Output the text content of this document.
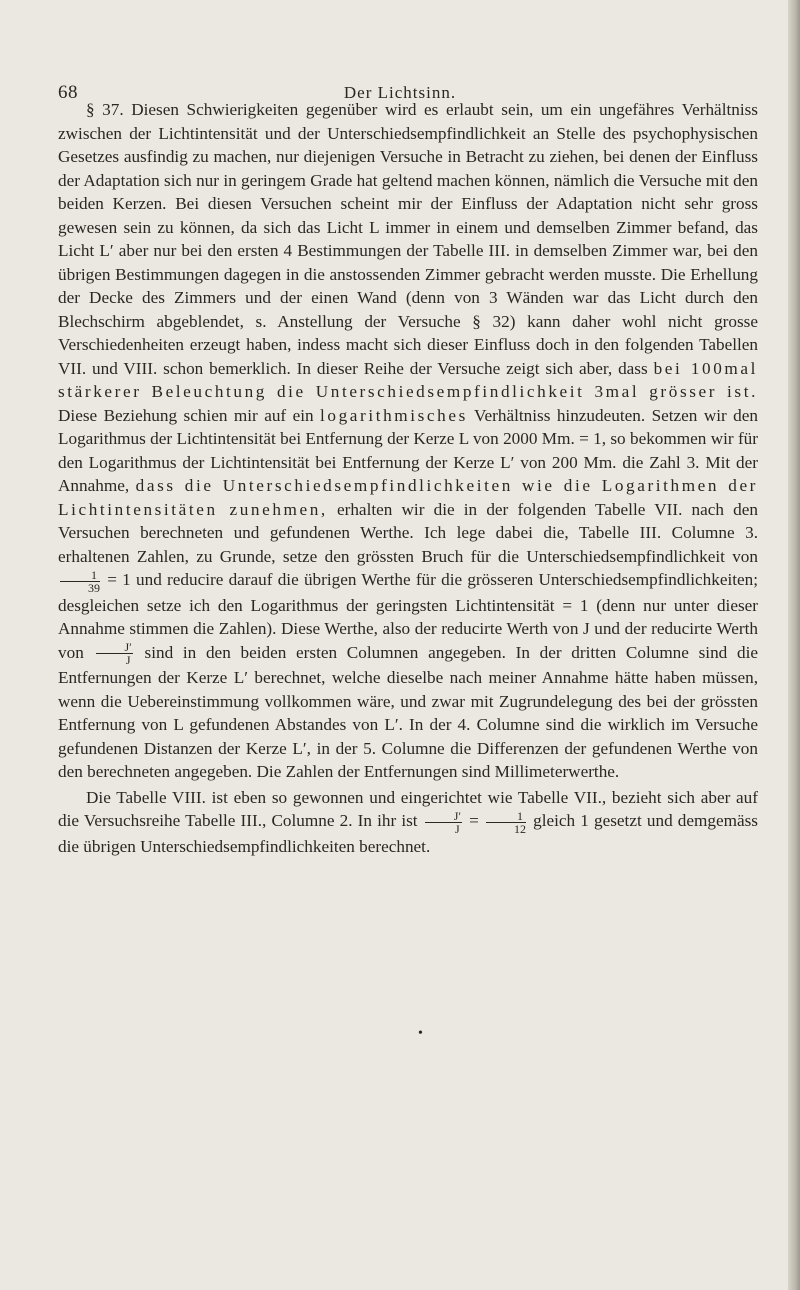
68	Der Lichtsinn.

§ 37. Diesen Schwierigkeiten gegenüber wird es erlaubt sein, um ein ungefähres Verhältniss zwischen der Lichtintensität und der Unterschiedsempfindlichkeit an Stelle des psychophysischen Gesetzes ausfindig zu machen, nur diejenigen Versuche in Betracht zu ziehen, bei denen der Einfluss der Adaptation sich nur in geringem Grade hat geltend machen können, nämlich die Versuche mit den beiden Kerzen. Bei diesen Versuchen scheint mir der Einfluss der Adaptation nicht sehr gross gewesen sein zu können, da sich das Licht L immer in einem und demselben Zimmer befand, das Licht L′ aber nur bei den ersten 4 Bestimmungen der Tabelle III. in demselben Zimmer war, bei den übrigen Bestimmungen dagegen in die anstossenden Zimmer gebracht werden musste. Die Erhellung der Decke des Zimmers und der einen Wand (denn von 3 Wänden war das Licht durch den Blechschirm abgeblendet, s. Anstellung der Versuche § 32) kann daher wohl nicht grosse Verschiedenheiten erzeugt haben, indess macht sich dieser Einfluss doch in den folgenden Tabellen VII. und VIII. schon bemerklich. In dieser Reihe der Versuche zeigt sich aber, dass bei 100mal stärkerer Beleuchtung die Unterschiedsempfindlichkeit 3mal grösser ist. Diese Beziehung schien mir auf ein logarithmisches Verhältniss hinzudeuten. Setzen wir den Logarithmus der Lichtintensität bei Entfernung der Kerze L von 2000 Mm. = 1, so bekommen wir für den Logarithmus der Lichtintensität bei Entfernung der Kerze L′ von 200 Mm. die Zahl 3. Mit der Annahme, dass die Unterschiedsempfindlichkeiten wie die Logarithmen der Lichtintensitäten zunehmen, erhalten wir die in der folgenden Tabelle VII. nach den Versuchen berechneten und gefundenen Werthe. Ich lege dabei die, Tabelle III. Columne 3. erhaltenen Zahlen, zu Grunde, setze den grössten Bruch für die Unterschiedsempfindlichkeit von
$\frac{1}{39} = 1$ und reducire darauf die übrigen Werthe für die grösseren Unterschiedsempfindlichkeiten; desgleichen setze ich den Logarithmus der geringsten Lichtintensität = 1 (denn nur unter dieser Annahme stimmen die Zahlen). Diese Werthe, also der reducirte Werth von J und der reducirte Werth von $\frac{J'}{J}$ sind in den beiden ersten Columnen angegeben. In der dritten Columne sind die Entfernungen der Kerze L′ berechnet, welche dieselbe nach meiner Annahme hätte haben müssen, wenn die Uebereinstimmung vollkommen wäre, und zwar mit Zugrundelegung des bei der grössten Entfernung von L gefundenen Abstandes von L′. In der 4. Columne sind die wirklich im Versuche gefundenen Distanzen der Kerze L′, in der 5. Columne die Differenzen der gefundenen Werthe von den berechneten angegeben. Die Zahlen der Entfernungen sind Millimeterwerthe.

Die Tabelle VIII. ist eben so gewonnen und eingerichtet wie Tabelle VII., bezieht sich aber auf die Versuchsreihe Tabelle III., Columne 2. In ihr ist $\frac{J'}{J} = \frac{1}{12}$ gleich 1 gesetzt und demgemäss die übrigen Unterschiedsempfindlichkeiten berechnet.

•
